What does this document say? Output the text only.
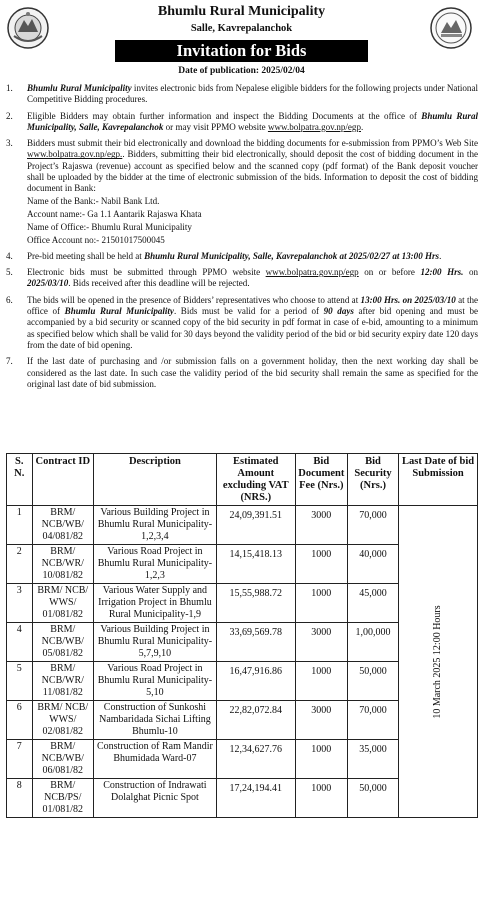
Bhumlu Rural Municipality
Salle, Kavrepalanchok
Invitation for Bids
Date of publication: 2025/02/04
1.	Bhumlu Rural Municipality invites electronic bids from Nepalese eligible bidders for the following projects under National Competitive Bidding procedures.

2.	Eligible Bidders may obtain further information and inspect the Bidding Documents at the office of Bhumlu Rural Municipality, Salle, Kavrepalanchok or may visit PPMO website www.bolpatra.gov.np/egp.

3.	Bidders must submit their bid electronically and download the bidding documents for e-submission from PPMO’s Web Site www.bolpatra.gov.np/egp.. Bidders, submitting their bid electronically, should deposit the cost of bidding document in the Project’s Rajaswa (revenue) account as specified below and the scanned copy (pdf format) of the Bank deposit voucher shall be uploaded by the bidder at the time of electronic submission of the bids. Information to deposit the cost of bidding document in Bank:

Name of the Bank:- Nabil Bank Ltd.

Account name:- Ga 1.1 Aantarik Rajaswa Khata

Name of Office:- Bhumlu Rural Municipality

Office Account no:- 21501017500045

4.	Pre-bid meeting shall be held at Bhumlu Rural Municipality, Salle, Kavrepalanchok at 2025/02/27 at 13:00 Hrs.

5.	Electronic bids must be submitted through PPMO website www.bolpatra.gov.np/egp on or before 12:00 Hrs. on 2025/03/10. Bids received after this deadline will be rejected.

6.	The bids will be opened in the presence of Bidders’ representatives who choose to attend at 13:00 Hrs. on 2025/03/10 at the office of Bhumlu Rural Municipality. Bids must be valid for a period of 90 days after bid opening and must be accompanied by a bid security or scanned copy of the bid security in pdf format in case of e-bid, amounting to a minimum as specified below which shall be valid for 30 days beyond the validity period of the bid or bid security expiry date 120 days from the date of bid opening.

7.	If the last date of purchasing and /or submission falls on a government holiday, then the next working day shall be considered as the last date. In such case the validity period of the bid security shall remain the same as specified for the original last date of bid submission.

S. N.	Contract ID	Description	Estimated Amount excluding VAT (NRS.)	Bid Document Fee (Nrs.)	Bid Security (Nrs.)	Last Date of bid Submission
1	BRM/ NCB/WB/ 04/081/82	Various Building Project in Bhumlu Rural Municipality-1,2,3,4	24,09,391.51	3000	70,000	10 March 2025 12:00 Hours

2	BRM/ NCB/WR/ 10/081/82	Various Road Project in Bhumlu Rural Municipality-1,2,3	14,15,418.13	1000	40,000	
3	BRM/ NCB/ WWS/ 01/081/82	Various Water Supply and Irrigation Project in Bhumlu Rural Municipality-1,9	15,55,988.72	1000	45,000	
4	BRM/ NCB/WB/ 05/081/82	Various Building Project in Bhumlu Rural Municipality-5,7,9,10	33,69,569.78	3000	1,00,000	
5	BRM/ NCB/WR/ 11/081/82	Various Road Project in Bhumlu Rural Municipality-5,10	16,47,916.86	1000	50,000	
6	BRM/ NCB/ WWS/ 02/081/82	Construction of Sunkoshi Nambaridada Sichai Lifting Bhumlu-10	22,82,072.84	3000	70,000	
7	BRM/ NCB/WB/ 06/081/82	Construction of Ram Mandir Bhumidada Ward-07	12,34,627.76	1000	35,000	
8	BRM/ NCB/PS/ 01/081/82	Construction of Indrawati Dolalghat Picnic Spot	17,24,194.41	1000	50,000	
